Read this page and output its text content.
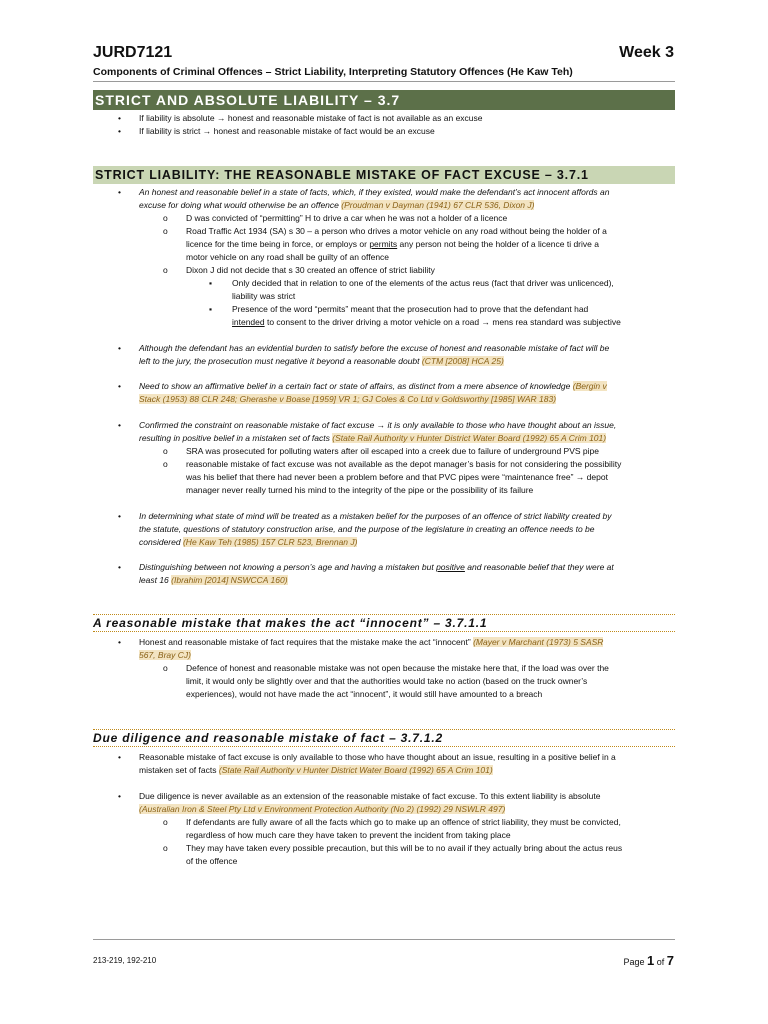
JURD7121	Week 3
Components of Criminal Offences – Strict Liability, Interpreting Statutory Offences (He Kaw Teh)
STRICT AND ABSOLUTE LIABILITY – 3.7
• If liability is absolute → honest and reasonable mistake of fact is not available as an excuse
• If liability is strict → honest and reasonable mistake of fact would be an excuse
STRICT LIABILITY: THE REASONABLE MISTAKE OF FACT EXCUSE – 3.7.1
• An honest and reasonable belief in a state of facts, which, if they existed, would make the defendant’s act innocent affords an
excuse for doing what would otherwise be an offence (Proudman v Dayman (1941) 67 CLR 536, Dixon J)
o D was convicted of “permitting” H to drive a car when he was not a holder of a licence
o Road Traffic Act 1934 (SA) s 30 – a person who drives a motor vehicle on any road without being the holder of a
licence for the time being in force, or employs or permits any person not being the holder of a licence ti drive a
motor vehicle on any road shall be guilty of an offence
o Dixon J did not decide that s 30 created an offence of strict liability
▪ Only decided that in relation to one of the elements of the actus reus (fact that driver was unlicenced),
liability was strict
▪ Presence of the word “permits” meant that the prosecution had to prove that the defendant had
intended to consent to the driver driving a motor vehicle on a road → mens rea standard was subjective
• Although the defendant has an evidential burden to satisfy before the excuse of honest and reasonable mistake of fact will be
left to the jury, the prosecution must negative it beyond a reasonable doubt (CTM [2008] HCA 25)
• Need to show an affirmative belief in a certain fact or state of affairs, as distinct from a mere absence of knowledge (Bergin v
Stack (1953) 88 CLR 248; Gherashe v Boase [1959] VR 1; GJ Coles & Co Ltd v Goldsworthy [1985] WAR 183)
• Confirmed the constraint on reasonable mistake of fact excuse → it is only available to those who have thought about an issue,
resulting in positive belief in a mistaken set of facts (State Rail Authority v Hunter District Water Board (1992) 65 A Crim 101)
o SRA was prosecuted for polluting waters after oil escaped into a creek due to failure of underground PVS pipe
o reasonable mistake of fact excuse was not available as the depot manager’s basis for not considering the possibility
was his belief that there had never been a problem before and that PVC pipes were “maintenance free” → depot
manager never really turned his mind to the integrity of the pipe or the possibility of its failure
• In determining what state of mind will be treated as a mistaken belief for the purposes of an offence of strict liability created by
the statute, questions of statutory construction arise, and the purpose of the legislature in creating an offence needs to be
considered (He Kaw Teh (1985) 157 CLR 523, Brennan J)
• Distinguishing between not knowing a person’s age and having a mistaken but positive and reasonable belief that they were at
least 16 (Ibrahim [2014] NSWCCA 160)
A reasonable mistake that makes the act “innocent” – 3.7.1.1
• Honest and reasonable mistake of fact requires that the mistake make the act “innocent” (Mayer v Marchant (1973) 5 SASR
567, Bray CJ)
o Defence of honest and reasonable mistake was not open because the mistake here that, if the load was over the
limit, it would only be slightly over and that the authorities would take no action (based on the truck owner’s
experiences), would not have made the act “innocent”, it would still have amounted to a breach
Due diligence and reasonable mistake of fact – 3.7.1.2
• Reasonable mistake of fact excuse is only available to those who have thought about an issue, resulting in a positive belief in a
mistaken set of facts (State Rail Authority v Hunter District Water Board (1992) 65 A Crim 101)
• Due diligence is never available as an extension of the reasonable mistake of fact excuse. To this extent liability is absolute
(Australian Iron & Steel Pty Ltd v Environment Protection Authority (No 2) (1992) 29 NSWLR 497)
o If defendants are fully aware of all the facts which go to make up an offence of strict liability, they must be convicted,
regardless of how much care they have taken to prevent the incident from taking place
o They may have taken every possible precaution, but this will be to no avail if they actually bring about the actus reus
of the offence
213-219, 192-210	Page 1 of 7
